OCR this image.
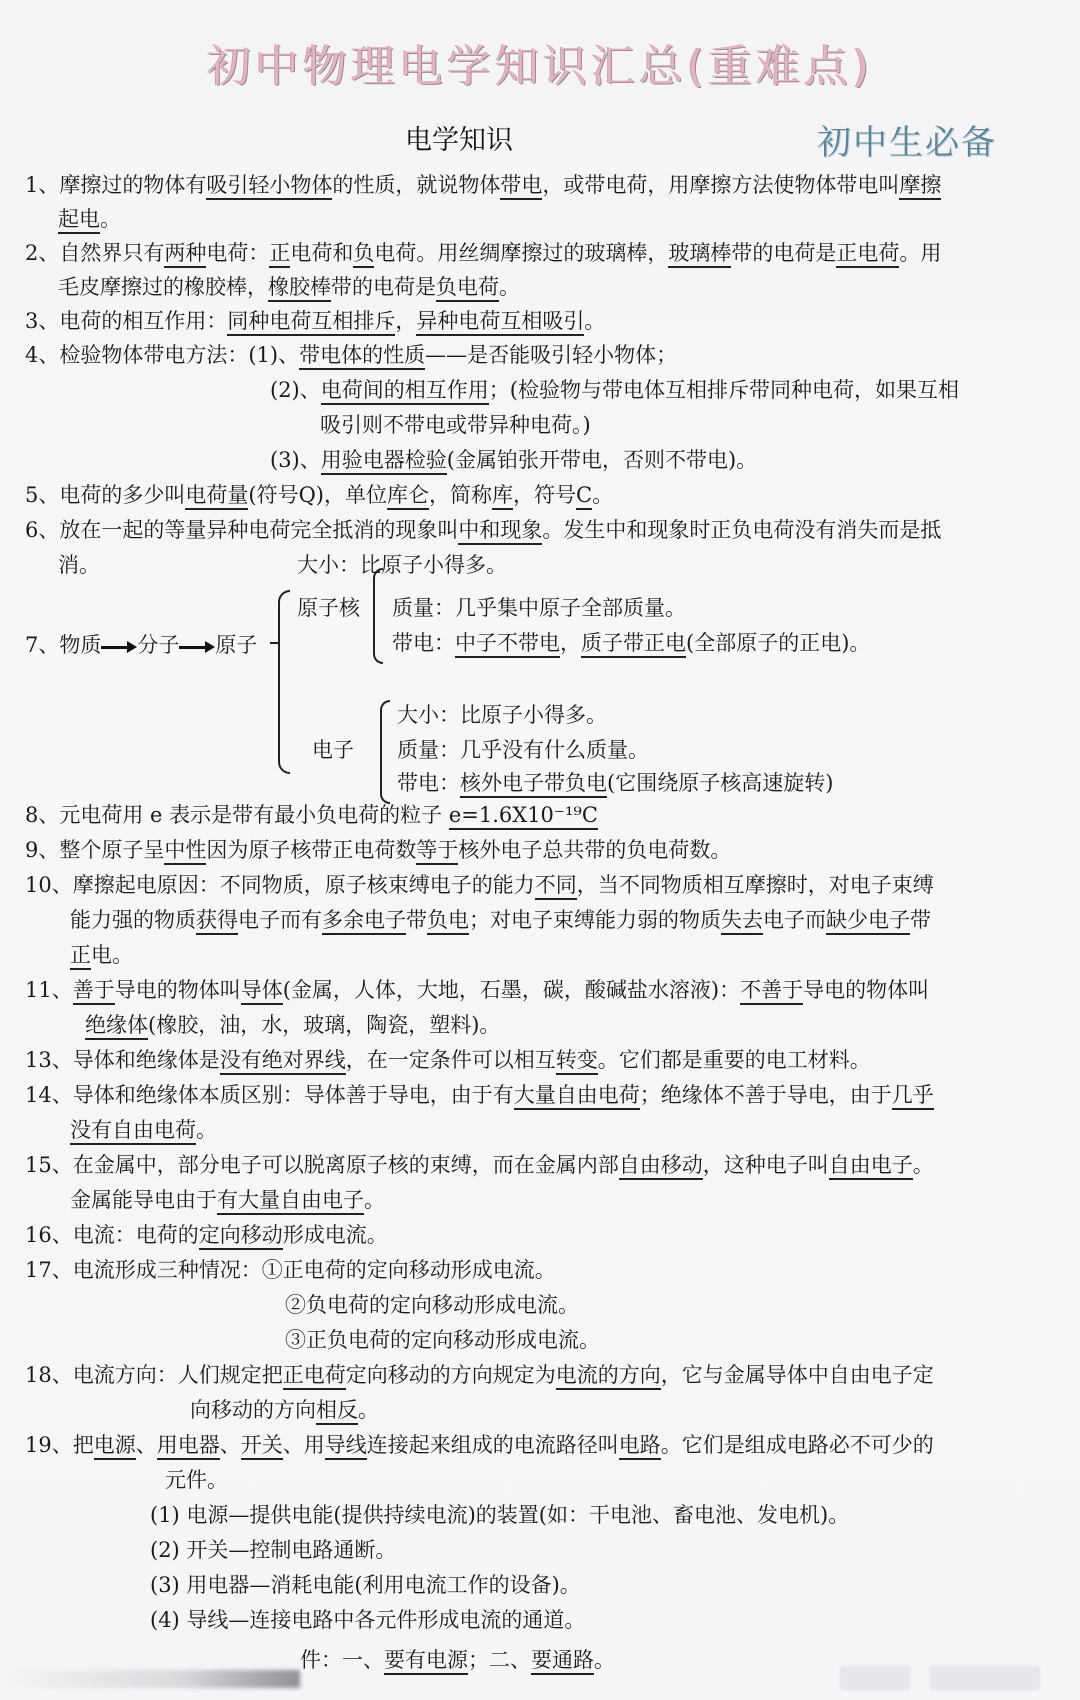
初中物理电学知识汇总(重难点)
电学知识	初中生必备
1、摩擦过的物体有吸引轻小物体的性质，就说物体带电，或带电荷，用摩擦方法使物体带电叫摩擦
起电。
2、自然界只有两种电荷：正电荷和负电荷。用丝绸摩擦过的玻璃棒，玻璃棒带的电荷是正电荷。用
毛皮摩擦过的橡胶棒，橡胶棒带的电荷是负电荷。
3、电荷的相互作用：同种电荷互相排斥，异种电荷互相吸引。
4、检验物体带电方法：(1)、带电体的性质——是否能吸引轻小物体；
(2)、电荷间的相互作用；(检验物与带电体互相排斥带同种电荷，如果互相
吸引则不带电或带异种电荷。)
(3)、用验电器检验(金属铂张开带电，否则不带电)。
5、电荷的多少叫电荷量(符号Q)，单位库仑，简称库，符号C。
6、放在一起的等量异种电荷完全抵消的现象叫中和现象。发生中和现象时正负电荷没有消失而是抵
消。
8、元电荷用 e 表示是带有最小负电荷的粒子 e=1.6X10⁻¹⁹C
9、整个原子呈中性因为原子核带正电荷数等于核外电子总共带的负电荷数。
10、摩擦起电原因：不同物质，原子核束缚电子的能力不同，当不同物质相互摩擦时，对电子束缚
能力强的物质获得电子而有多余电子带负电；对电子束缚能力弱的物质失去电子而缺少电子带
正电。
11、善于导电的物体叫导体(金属，人体，大地，石墨，碳，酸碱盐水溶液)：不善于导电的物体叫
绝缘体(橡胶，油，水，玻璃，陶瓷，塑料)。
13、导体和绝缘体是没有绝对界线，在一定条件可以相互转变。它们都是重要的电工材料。
14、导体和绝缘体本质区别：导体善于导电，由于有大量自由电荷；绝缘体不善于导电，由于几乎
没有自由电荷。
15、在金属中，部分电子可以脱离原子核的束缚，而在金属内部自由移动，这种电子叫自由电子。
金属能导电由于有大量自由电子。
16、电流：电荷的定向移动形成电流。
17、电流形成三种情况：①正电荷的定向移动形成电流。
②负电荷的定向移动形成电流。
③正负电荷的定向移动形成电流。
18、电流方向：人们规定把正电荷定向移动的方向规定为电流的方向，它与金属导体中自由电子定
向移动的方向相反。
19、把电源、用电器、开关、用导线连接起来组成的电流路径叫电路。它们是组成电路必不可少的
元件。
(1) 电源—提供电能(提供持续电流)的装置(如：干电池、畜电池、发电机)。
(2) 开关—控制电路通断。
(3) 用电器—消耗电能(利用电流工作的设备)。
(4) 导线—连接电路中各元件形成电流的通道。
件：一、要有电源；二、要通路。
7、物质 分子 原子
大小：比原子小得多。
原子核 质量：几乎集中原子全部质量。
带电：中子不带电，质子带正电(全部原子的正电)。
电子
大小：比原子小得多。
质量：几乎没有什么质量。
带电：核外电子带负电(它围绕原子核高速旋转)
